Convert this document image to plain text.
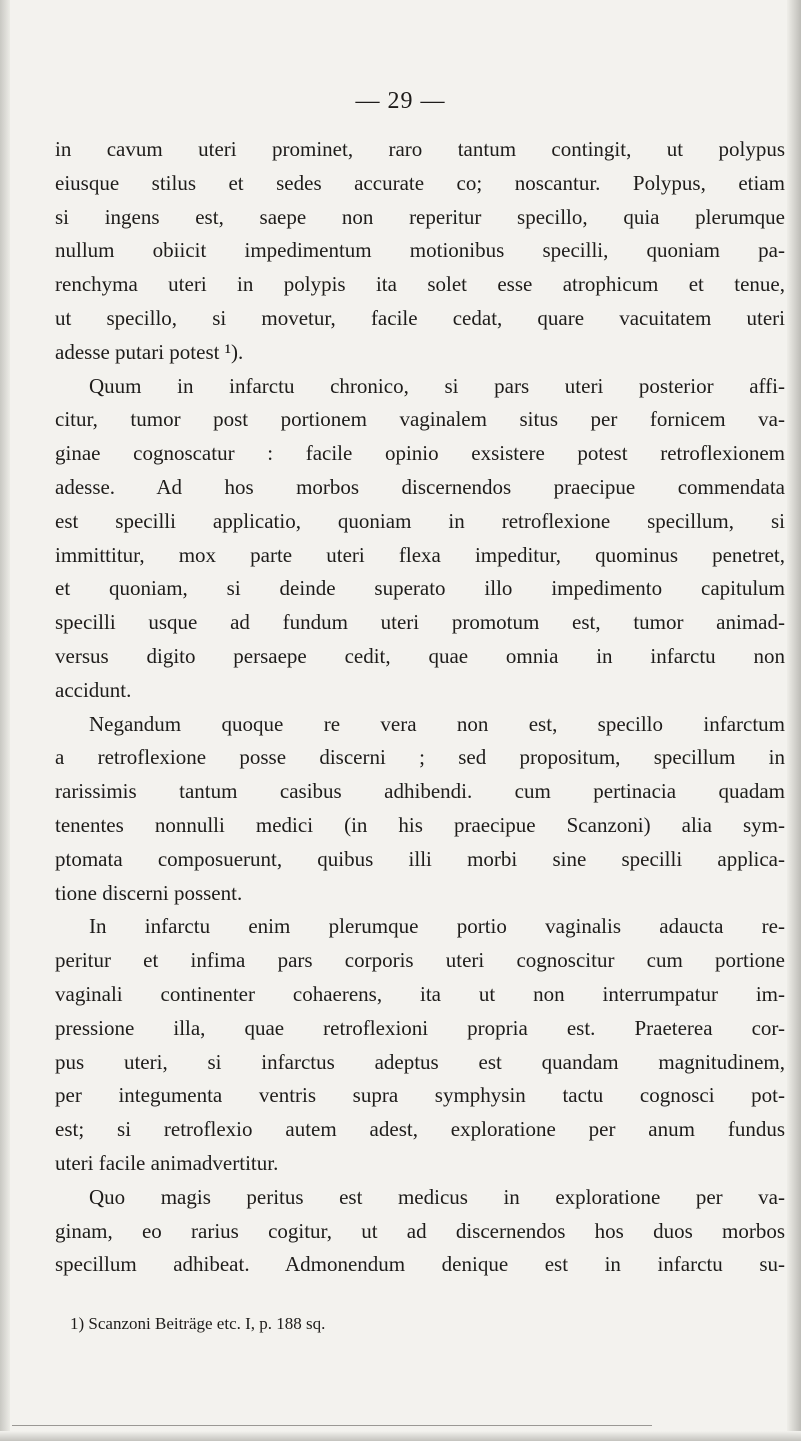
— 29 —
in cavum uteri prominet, raro tantum contingit, ut polypus
eiusque stilus et sedes accurate co; noscantur. Polypus, etiam
si ingens est, saepe non reperitur specillo, quia plerumque
nullum obiicit impedimentum motionibus specilli, quoniam pa-
renchyma uteri in polypis ita solet esse atrophicum et tenue,
ut specillo, si movetur, facile cedat, quare vacuitatem uteri
adesse putari potest ¹).
Quum in infarctu chronico, si pars uteri posterior affi-
citur, tumor post portionem vaginalem situs per fornicem va-
ginae cognoscatur : facile opinio exsistere potest retroflexionem
adesse. Ad hos morbos discernendos praecipue commendata
est specilli applicatio, quoniam in retroflexione specillum, si
immittitur, mox parte uteri flexa impeditur, quominus penetret,
et quoniam, si deinde superato illo impedimento capitulum
specilli usque ad fundum uteri promotum est, tumor animad-
versus digito persaepe cedit, quae omnia in infarctu non
accidunt.
Negandum quoque re vera non est, specillo infarctum
a retroflexione posse discerni ; sed propositum, specillum in
rarissimis tantum casibus adhibendi. cum pertinacia quadam
tenentes nonnulli medici (in his praecipue Scanzoni) alia sym-
ptomata composuerunt, quibus illi morbi sine specilli applica-
tione discerni possent.
In infarctu enim plerumque portio vaginalis adaucta re-
peritur et infima pars corporis uteri cognoscitur cum portione
vaginali continenter cohaerens, ita ut non interrumpatur im-
pressione illa, quae retroflexioni propria est. Praeterea cor-
pus uteri, si infarctus adeptus est quandam magnitudinem,
per integumenta ventris supra symphysin tactu cognosci pot-
est; si retroflexio autem adest, exploratione per anum fundus
uteri facile animadvertitur.
Quo magis peritus est medicus in exploratione per va-
ginam, eo rarius cogitur, ut ad discernendos hos duos morbos
specillum adhibeat. Admonendum denique est in infarctu su-
1) Scanzoni Beiträge etc. I, p. 188 sq.
